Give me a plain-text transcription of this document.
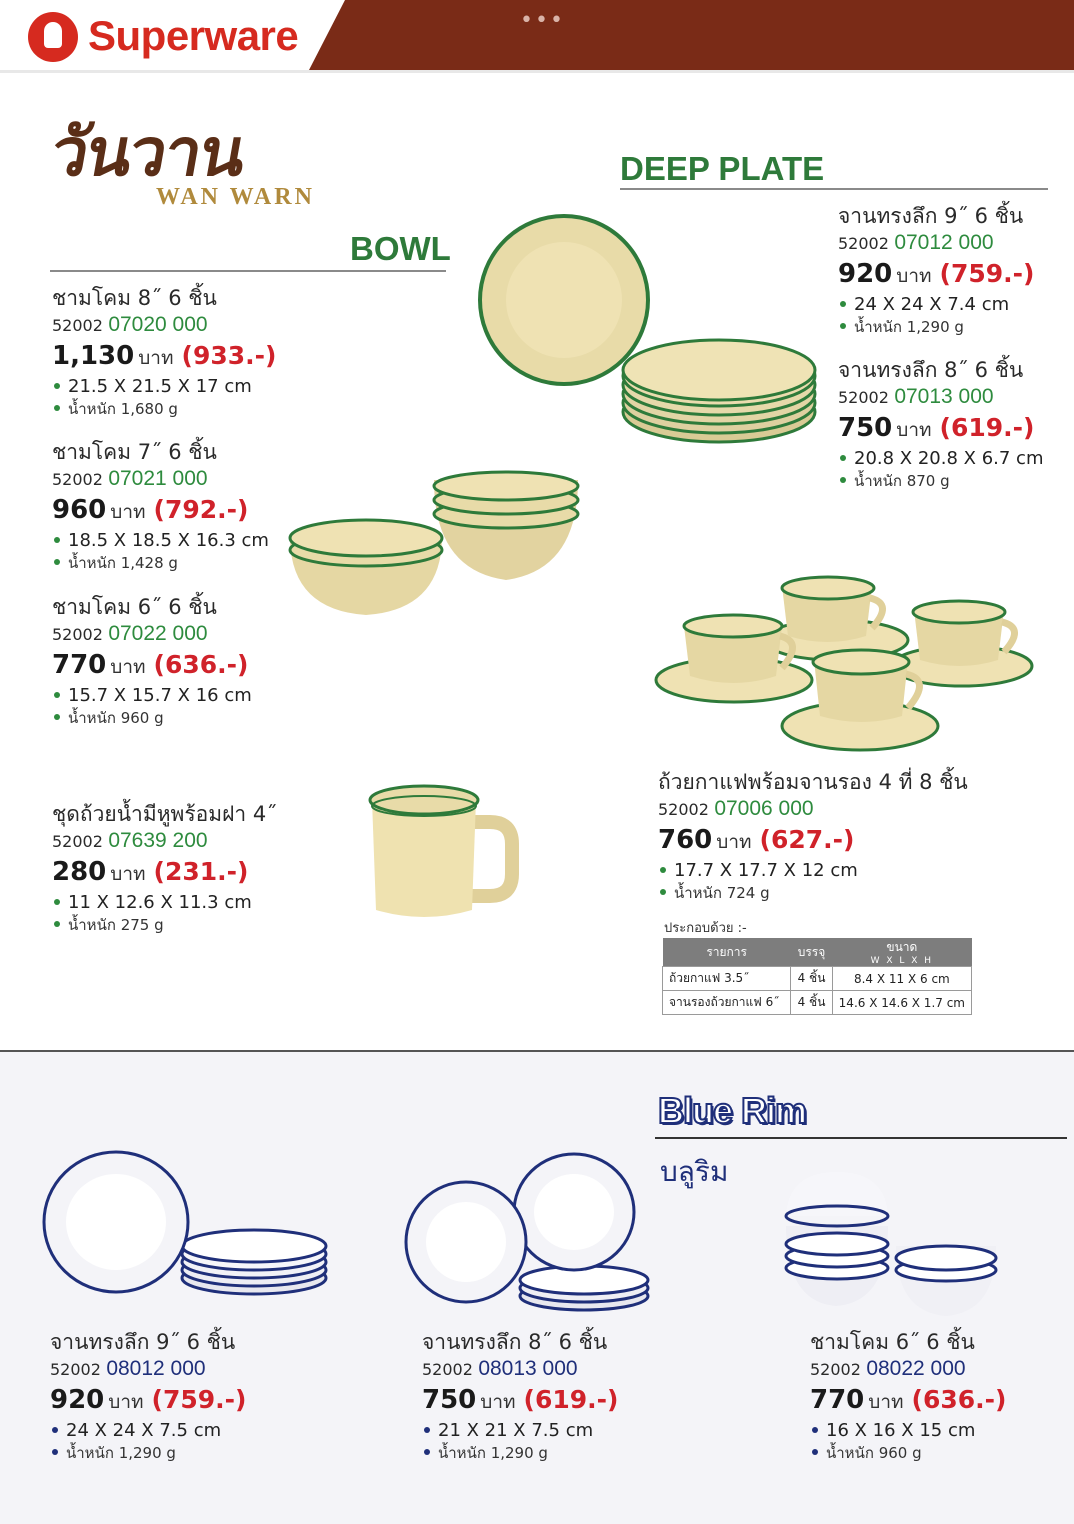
Superware	•••
วันวาน
WAN WARN
BOWL
DEEP PLATE
ชามโคม 8˝ 6 ชิ้น
52002 07020 000
1,130 บาท (933.-)
21.5 X 21.5 X 17 cm
น้ำหนัก 1,680 g
ชามโคม 7˝ 6 ชิ้น
52002 07021 000
960 บาท (792.-)
18.5 X 18.5 X 16.3 cm
น้ำหนัก 1,428 g
ชามโคม 6˝ 6 ชิ้น
52002 07022 000
770 บาท (636.-)
15.7 X 15.7 X 16 cm
น้ำหนัก 960 g
ชุดถ้วยน้ำมีหูพร้อมฝา 4˝
52002 07639 200
280 บาท (231.-)
11 X 12.6 X 11.3 cm
น้ำหนัก 275 g
จานทรงลึก 9˝ 6 ชิ้น
52002 07012 000
920 บาท (759.-)
24 X 24 X 7.4 cm
น้ำหนัก 1,290 g
จานทรงลึก 8˝ 6 ชิ้น
52002 07013 000
750 บาท (619.-)
20.8 X 20.8 X 6.7 cm
น้ำหนัก 870 g
ถ้วยกาแฟพร้อมจานรอง 4 ที่ 8 ชิ้น
52002 07006 000
760 บาท (627.-)
17.7 X 17.7 X 12 cm
น้ำหนัก 724 g
ประกอบด้วย :-
รายการ	บรรจุ	ขนาด
W X L X H

ถ้วยกาแฟ 3.5˝	4 ชิ้น	8.4 X 11 X 6 cm
จานรองถ้วยกาแฟ 6˝	4 ชิ้น	14.6 X 14.6 X 1.7 cm
Blue Rim
บลูริม
จานทรงลึก 9˝ 6 ชิ้น
52002 08012 000
920 บาท (759.-)
24 X 24 X 7.5 cm
น้ำหนัก 1,290 g
จานทรงลึก 8˝ 6 ชิ้น
52002 08013 000
750 บาท (619.-)
21 X 21 X 7.5 cm
น้ำหนัก 1,290 g
ชามโคม 6˝ 6 ชิ้น
52002 08022 000
770 บาท (636.-)
16 X 16 X 15 cm
น้ำหนัก 960 g
